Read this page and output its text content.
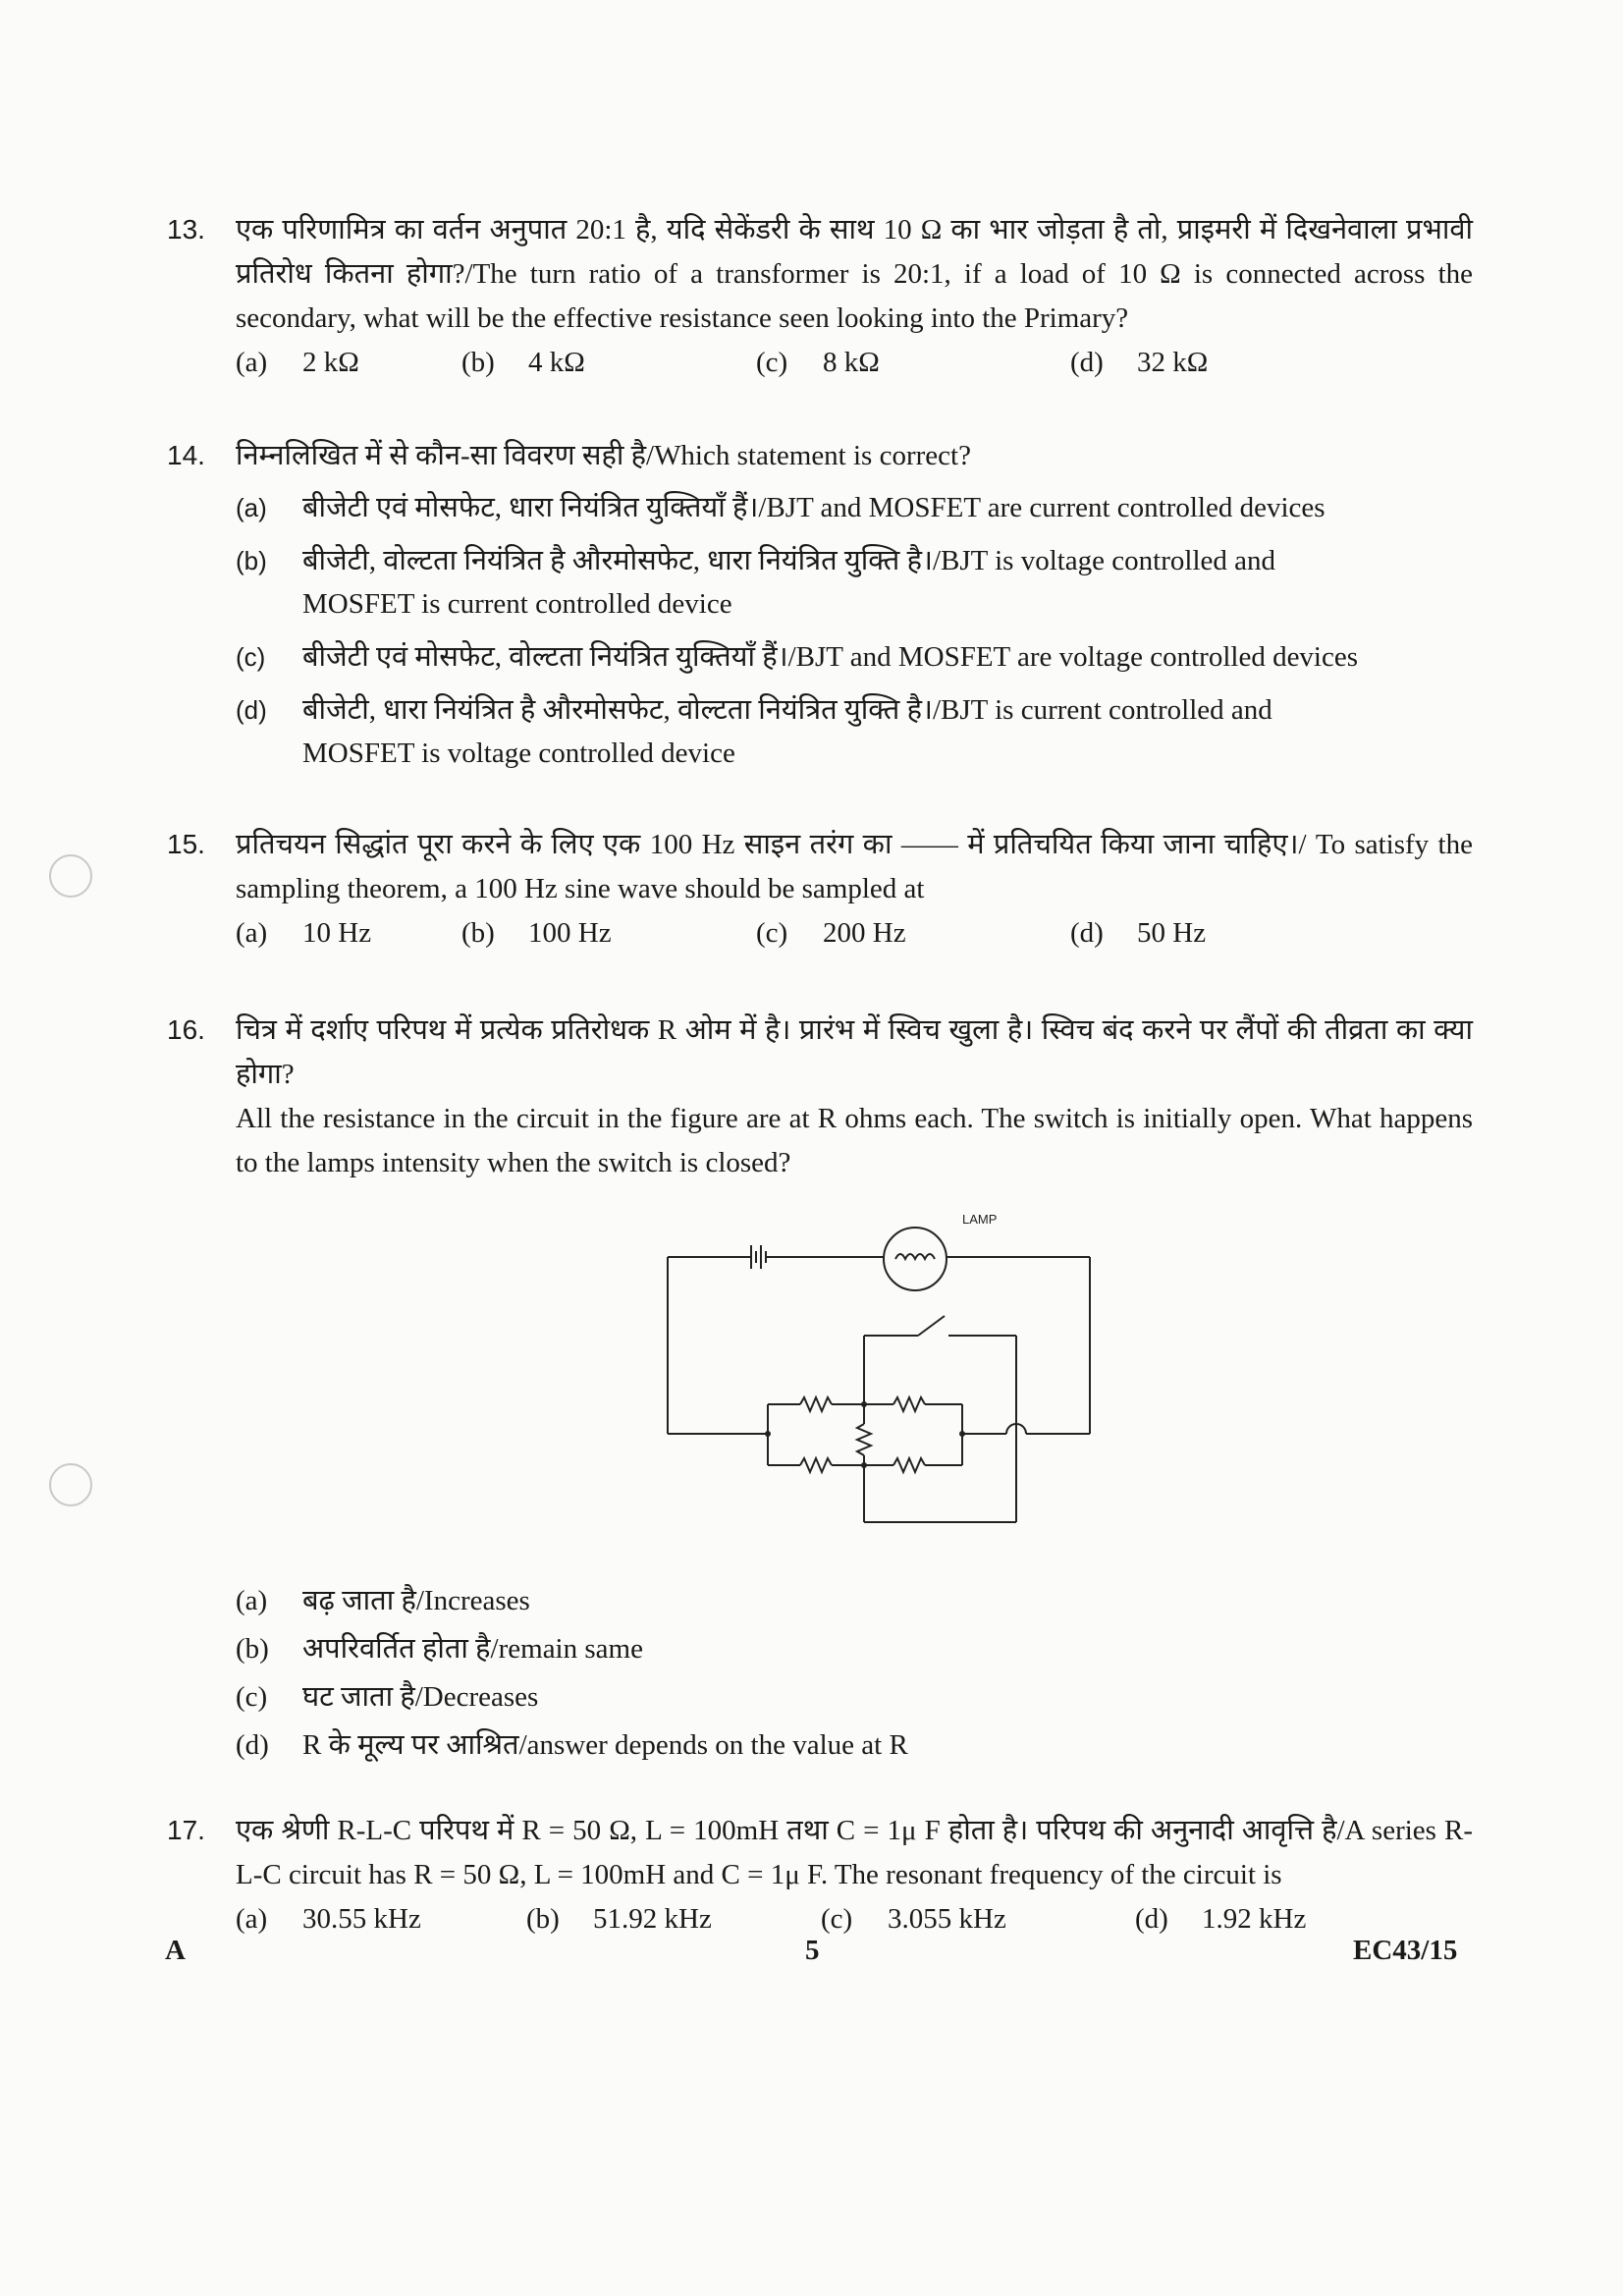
13. एक परिणामित्र का वर्तन अनुपात 20:1 है, यदि सेकेंडरी के साथ 10 Ω का भार जोड़ता है तो, प्राइमरी में दिखनेवाला प्रभावी प्रतिरोध कितना होगा?/The turn ratio of a transformer is 20:1, if a load of 10 Ω is connected across the secondary, what will be the effective resistance seen looking into the Primary?
(a)	2 kΩ	(b)	4 kΩ	(c)	8 kΩ	(d)	32 kΩ
14. निम्नलिखित में से कौन-सा विवरण सही है/Which statement is correct?
(a)	बीजेटी एवं मोसफेट, धारा नियंत्रित युक्तियाँ हैं।/BJT and MOSFET are current controlled devices
(b)	बीजेटी, वोल्टता नियंत्रित है औरमोसफेट, धारा नियंत्रित युक्ति है।/BJT is voltage controlled and MOSFET is current controlled device
(c)	बीजेटी एवं मोसफेट, वोल्टता नियंत्रित युक्तियाँ हैं।/BJT and MOSFET are voltage controlled devices
(d)	बीजेटी, धारा नियंत्रित है औरमोसफेट, वोल्टता नियंत्रित युक्ति है।/BJT is current controlled and MOSFET is voltage controlled device
15. प्रतिचयन सिद्धांत पूरा करने के लिए एक 100 Hz साइन तरंग का —— में प्रतिचयित किया जाना चाहिए।/ To satisfy the sampling theorem, a 100 Hz sine wave should be sampled at
(a)	10 Hz	(b)	100 Hz	(c)	200 Hz	(d)	50 Hz
16. चित्र में दर्शाए परिपथ में प्रत्येक प्रतिरोधक R ओम में है। प्रारंभ में स्विच खुला है। स्विच बंद करने पर लैंपों की तीव्रता का क्या होगा?
All the resistance in the circuit in the figure are at R ohms each. The switch is initially open. What happens to the lamps intensity when the switch is closed?
LAMP
(a)	बढ़ जाता है/Increases
(b)	अपरिवर्तित होता है/remain same
(c)	घट जाता है/Decreases
(d)	R के मूल्य पर आश्रित/answer depends on the value at R
17. एक श्रेणी R-L-C परिपथ में R = 50 Ω, L = 100mH तथा C = 1μ F होता है। परिपथ की अनुनादी आवृत्ति है/A series R-L-C circuit has R = 50 Ω, L = 100mH and C = 1μ F. The resonant frequency of the circuit is
(a)	30.55 kHz	(b)	51.92 kHz	(c)	3.055 kHz	(d)	1.92 kHz
A	5	EC43/15
